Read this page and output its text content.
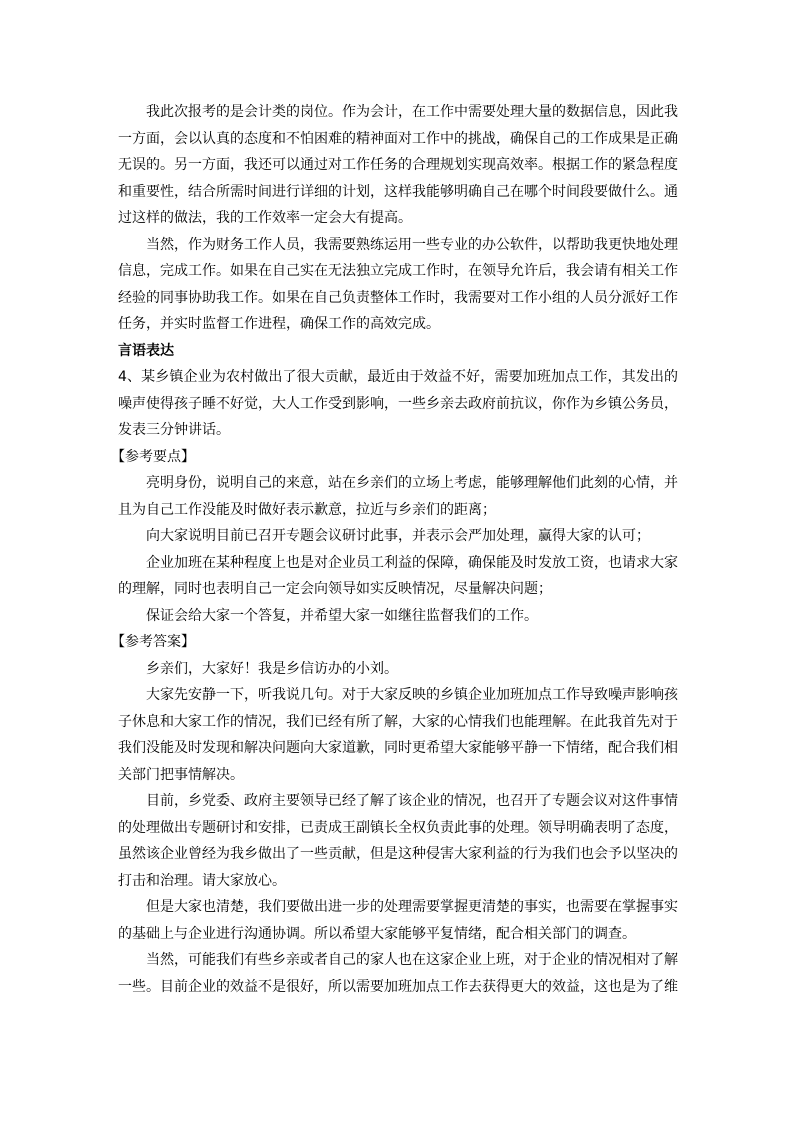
我此次报考的是会计类的岗位。作为会计，在工作中需要处理大量的数据信息，因此我一方面，会以认真的态度和不怕困难的精神面对工作中的挑战，确保自己的工作成果是正确无误的。另一方面，我还可以通过对工作任务的合理规划实现高效率。根据工作的紧急程度和重要性，结合所需时间进行详细的计划，这样我能够明确自己在哪个时间段要做什么。通过这样的做法，我的工作效率一定会大有提高。

当然，作为财务工作人员，我需要熟练运用一些专业的办公软件，以帮助我更快地处理信息，完成工作。如果在自己实在无法独立完成工作时，在领导允许后，我会请有相关工作经验的同事协助我工作。如果在自己负责整体工作时，我需要对工作小组的人员分派好工作任务，并实时监督工作进程，确保工作的高效完成。

言语表达

4、某乡镇企业为农村做出了很大贡献，最近由于效益不好，需要加班加点工作，其发出的噪声使得孩子睡不好觉，大人工作受到影响，一些乡亲去政府前抗议，你作为乡镇公务员，发表三分钟讲话。

【参考要点】

亮明身份，说明自己的来意，站在乡亲们的立场上考虑，能够理解他们此刻的心情，并且为自己工作没能及时做好表示歉意，拉近与乡亲们的距离；

向大家说明目前已召开专题会议研讨此事，并表示会严加处理，赢得大家的认可；

企业加班在某种程度上也是对企业员工利益的保障，确保能及时发放工资，也请求大家的理解，同时也表明自己一定会向领导如实反映情况，尽量解决问题；

保证会给大家一个答复，并希望大家一如继往监督我们的工作。

【参考答案】

乡亲们，大家好！我是乡信访办的小刘。

大家先安静一下，听我说几句。对于大家反映的乡镇企业加班加点工作导致噪声影响孩子休息和大家工作的情况，我们已经有所了解，大家的心情我们也能理解。在此我首先对于我们没能及时发现和解决问题向大家道歉，同时更希望大家能够平静一下情绪，配合我们相关部门把事情解决。

目前，乡党委、政府主要领导已经了解了该企业的情况，也召开了专题会议对这件事情的处理做出专题研讨和安排，已责成王副镇长全权负责此事的处理。领导明确表明了态度，虽然该企业曾经为我乡做出了一些贡献，但是这种侵害大家利益的行为我们也会予以坚决的打击和治理。请大家放心。

但是大家也清楚，我们要做出进一步的处理需要掌握更清楚的事实，也需要在掌握事实的基础上与企业进行沟通协调。所以希望大家能够平复情绪，配合相关部门的调查。

当然，可能我们有些乡亲或者自己的家人也在这家企业上班，对于企业的情况相对了解一些。目前企业的效益不是很好，所以需要加班加点工作去获得更大的效益，这也是为了维
